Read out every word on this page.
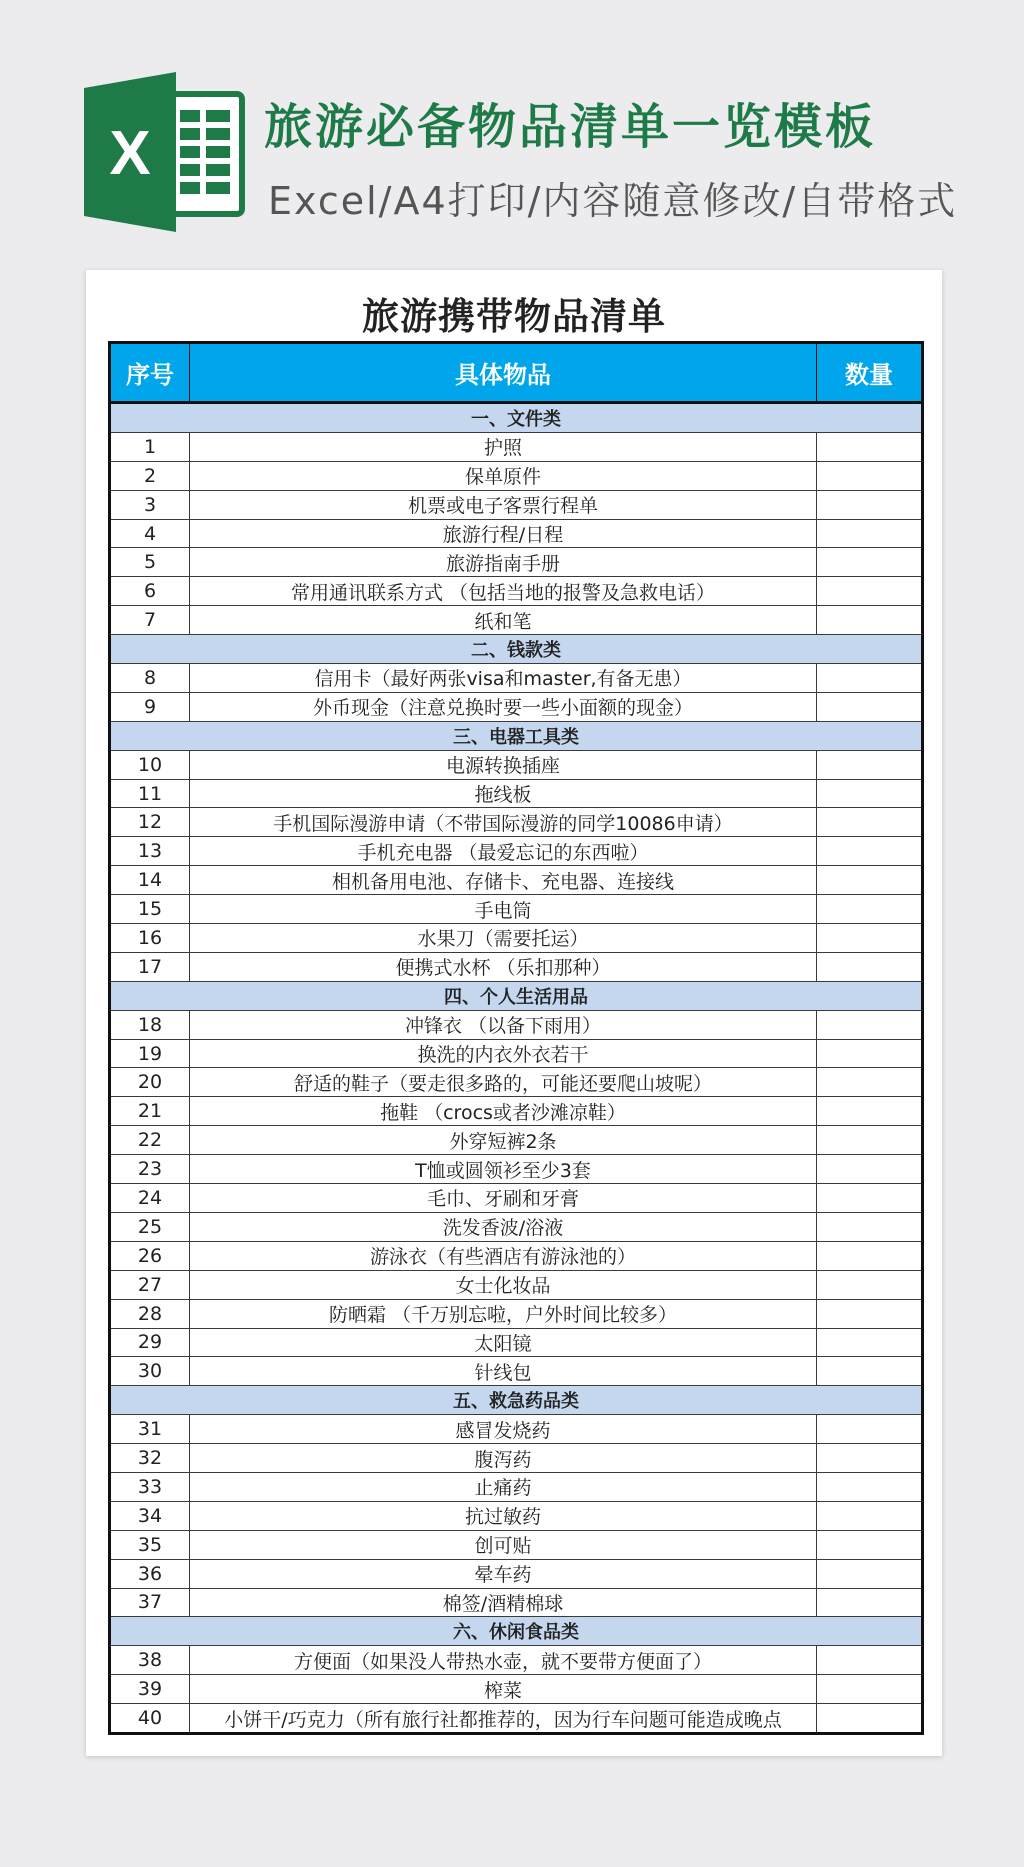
X 旅游必备物品清单一览模板
Excel/A4打印/内容随意修改/自带格式
旅游携带物品清单
序号	具体物品	数量
一、文件类		
1	护照	
2	保单原件	
3	机票或电子客票行程单	
4	旅游行程/日程	
5	旅游指南手册	
6	常用通讯联系方式 （包括当地的报警及急救电话）	
7	纸和笔	
二、钱款类		
8	信用卡（最好两张visa和master,有备无患）	
9	外币现金（注意兑换时要一些小面额的现金）	
三、电器工具类		
10	电源转换插座	
11	拖线板	
12	手机国际漫游申请（不带国际漫游的同学10086申请）	
13	手机充电器 （最爱忘记的东西啦）	
14	相机备用电池、存储卡、充电器、连接线	
15	手电筒	
16	水果刀（需要托运）	
17	便携式水杯 （乐扣那种）	
四、个人生活用品		
18	冲锋衣 （以备下雨用）	
19	换洗的内衣外衣若干	
20	舒适的鞋子（要走很多路的，可能还要爬山坡呢）	
21	拖鞋 （crocs或者沙滩凉鞋）	
22	外穿短裤2条	
23	T恤或圆领衫至少3套	
24	毛巾、牙刷和牙膏	
25	洗发香波/浴液	
26	游泳衣（有些酒店有游泳池的）	
27	女士化妆品	
28	防晒霜 （千万别忘啦，户外时间比较多）	
29	太阳镜	
30	针线包	
五、救急药品类		
31	感冒发烧药	
32	腹泻药	
33	止痛药	
34	抗过敏药	
35	创可贴	
36	晕车药	
37	棉签/酒精棉球	
六、休闲食品类		
38	方便面（如果没人带热水壶，就不要带方便面了）	
39	榨菜	
40	小饼干/巧克力（所有旅行社都推荐的，因为行车问题可能造成晚点	
